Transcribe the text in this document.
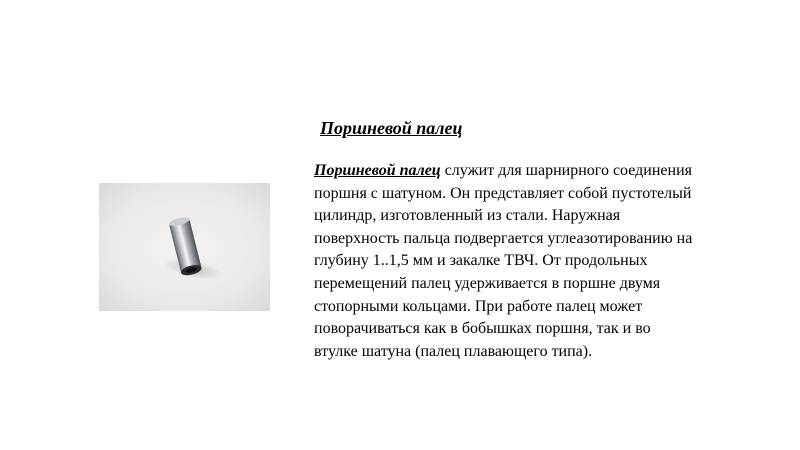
Поршневой палец

Поршневой палец служит для шарнирного соединения поршня с шатуном. Он представляет собой пустотелый цилиндр, изготовленный из стали. Наружная поверхность пальца подвергается углеазотированию на глубину 1..1,5 мм и закалке ТВЧ. От продольных перемещений палец удерживается в поршне двумя стопорными кольцами. При работе палец может поворачиваться как в бобышках поршня, так и во втулке шатуна (палец плавающего типа).
